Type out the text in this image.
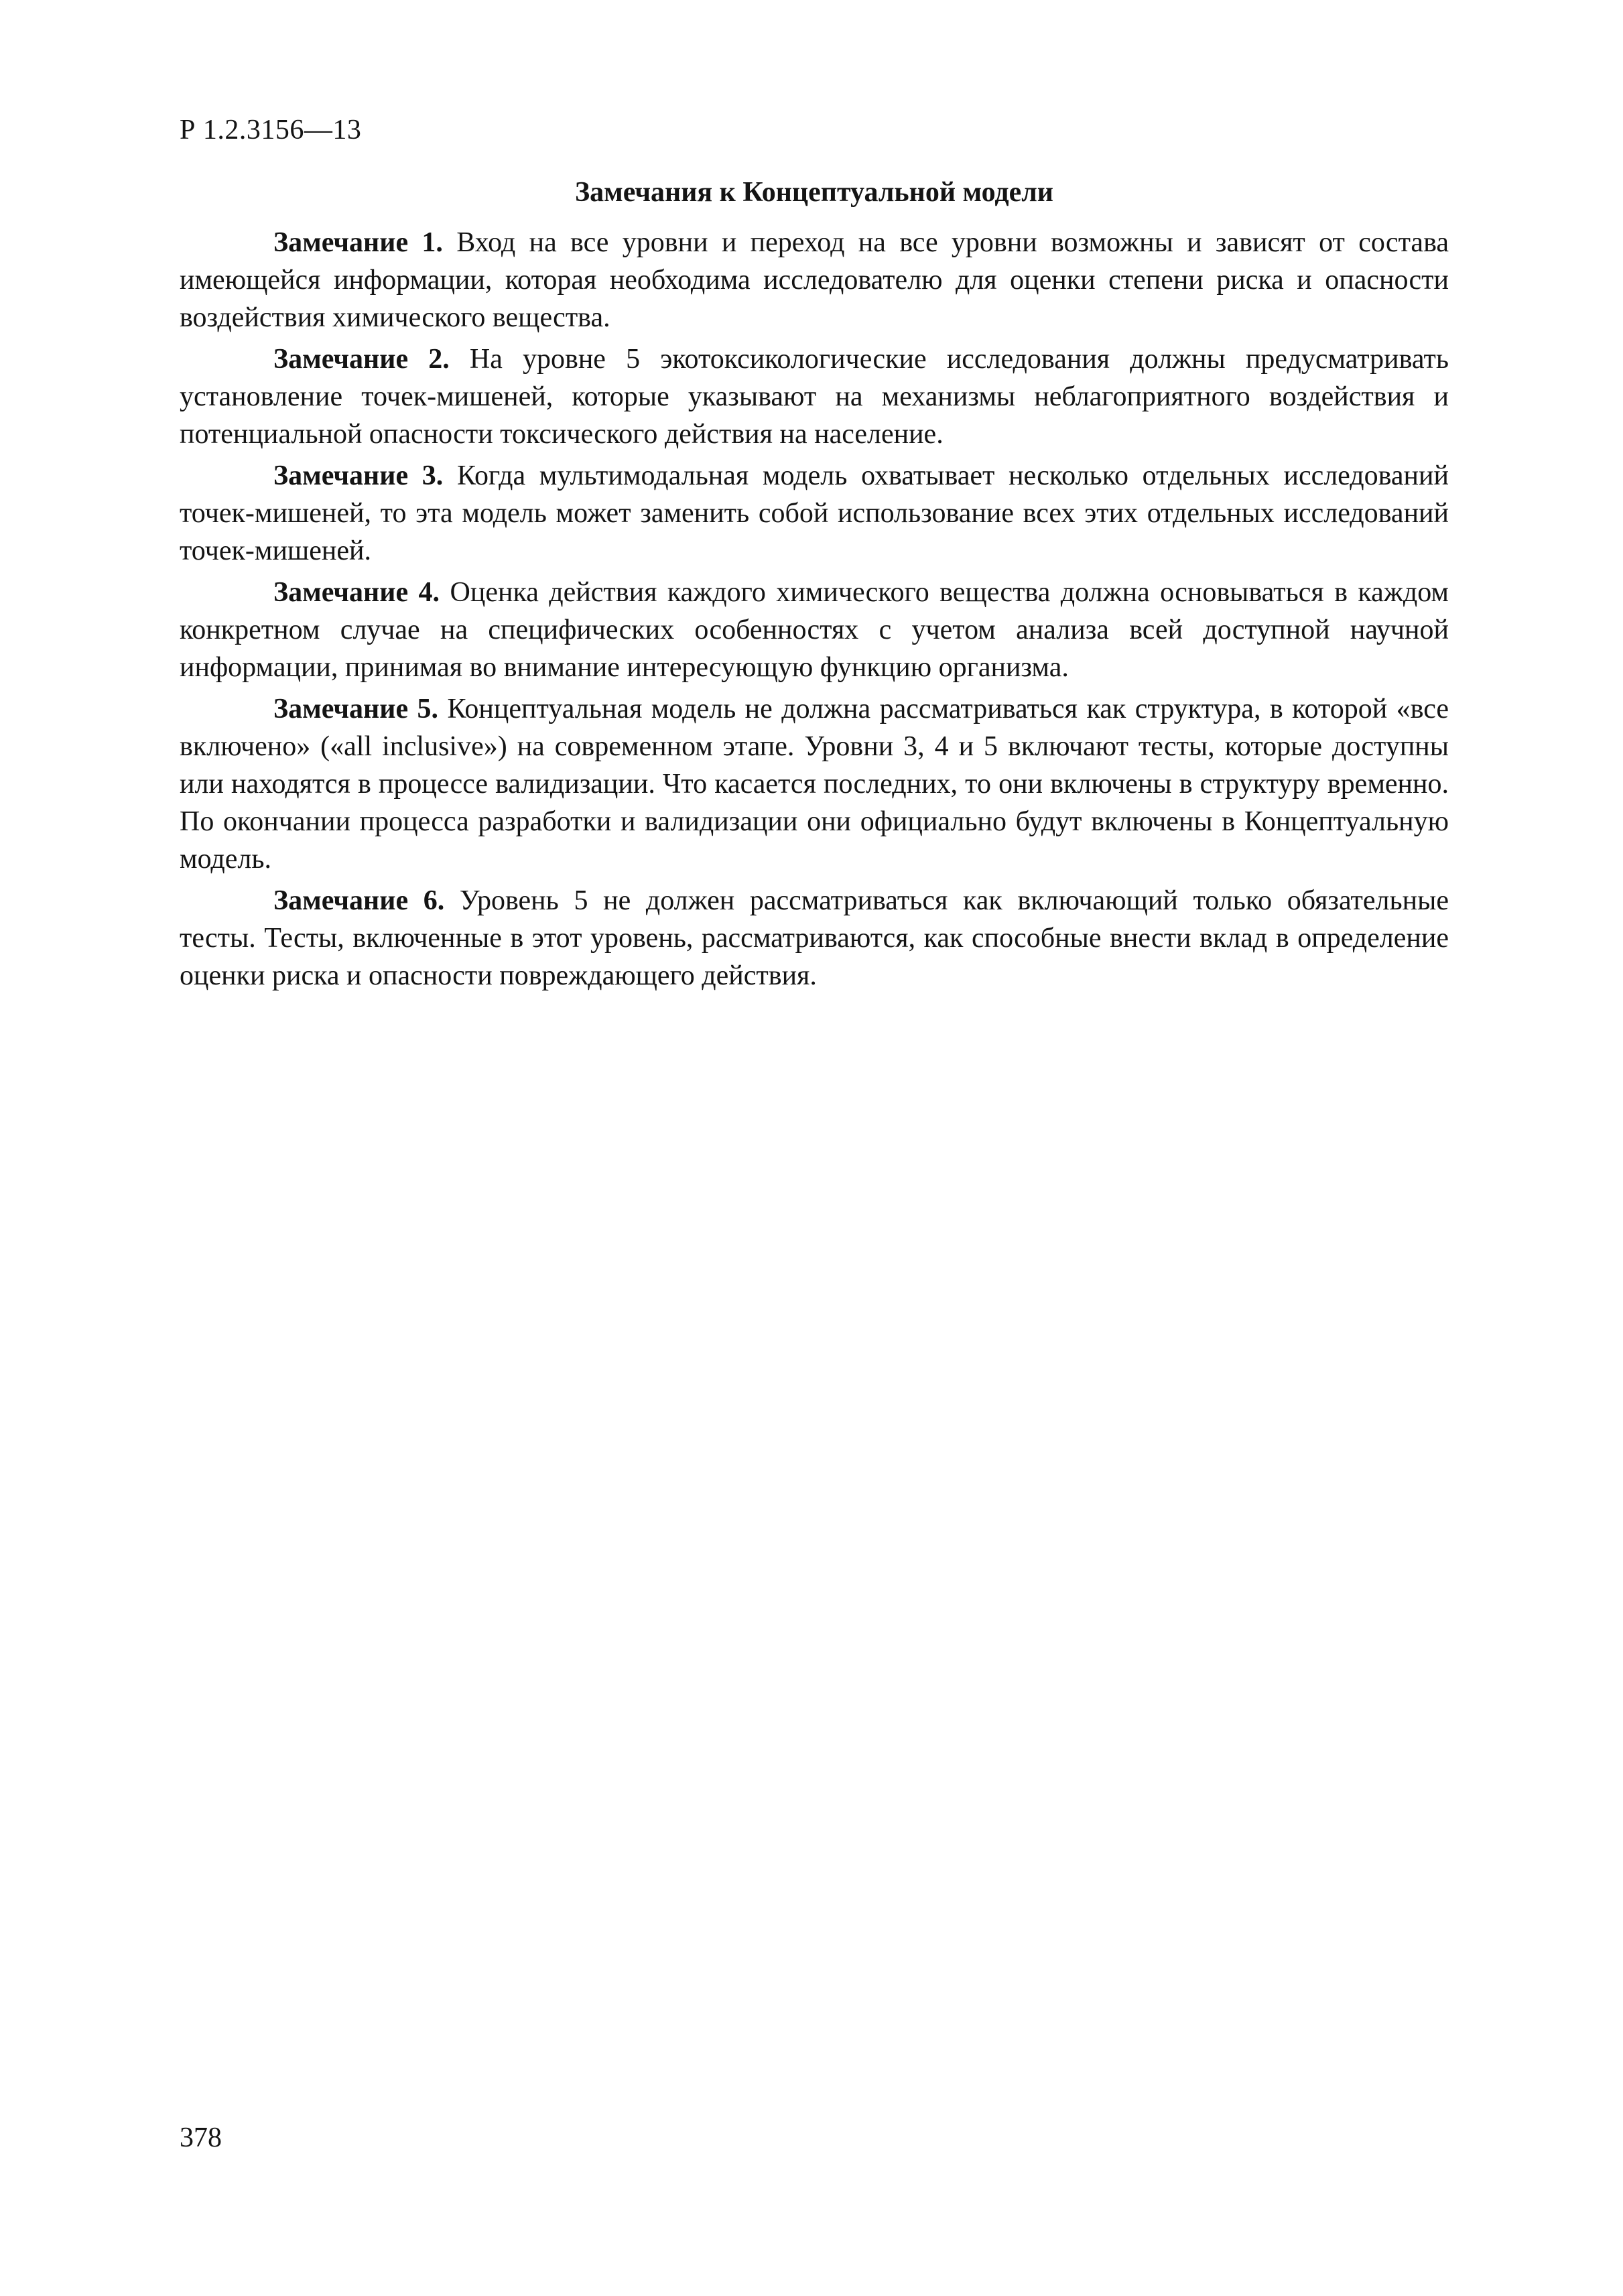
Р 1.2.3156—13
Замечания к Концептуальной модели

Замечание 1. Вход на все уровни и переход на все уровни возможны и зависят от состава имеющейся информации, которая необходима исследователю для оценки степени риска и опасности воздействия химического вещества.

Замечание 2. На уровне 5 экотоксикологические исследования должны предусматривать установление точек-мишеней, которые указывают на механизмы неблагоприятного воздействия и потенциальной опасности токсического действия на население.

Замечание 3. Когда мультимодальная модель охватывает несколько отдельных исследований точек-мишеней, то эта модель может заменить собой использование всех этих отдельных исследований точек-мишеней.

Замечание 4. Оценка действия каждого химического вещества должна основываться в каждом конкретном случае на специфических особенностях с учетом анализа всей доступной научной информации, принимая во внимание интересующую функцию организма.

Замечание 5. Концептуальная модель не должна рассматриваться как структура, в которой «все включено» («all inclusive») на современном этапе. Уровни 3, 4 и 5 включают тесты, которые доступны или находятся в процессе валидизации. Что касается последних, то они включены в структуру временно. По окончании процесса разработки и валидизации они официально будут включены в Концептуальную модель.

Замечание 6. Уровень 5 не должен рассматриваться как включающий только обязательные тесты. Тесты, включенные в этот уровень, рассматриваются, как способные внести вклад в определение оценки риска и опасности повреждающего действия.

378
